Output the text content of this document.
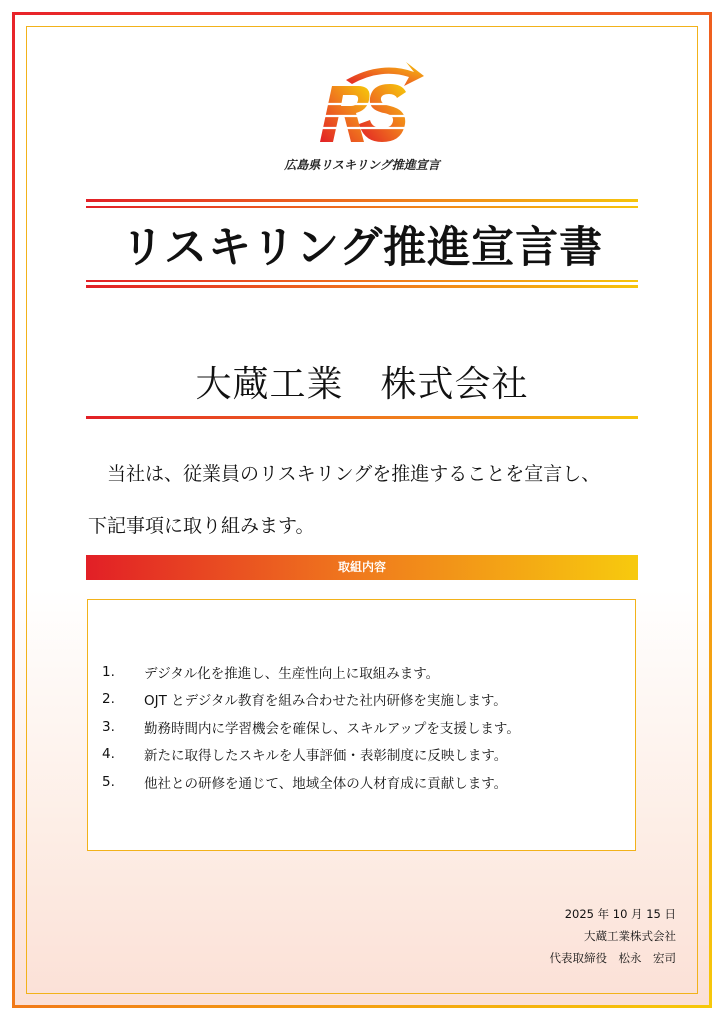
広島県リスキリング推進宣言
リスキリング推進宣言書
大蔵工業　株式会社

　当社は、従業員のリスキリングを推進することを宣言し、

下記事項に取り組みます。

取組内容
1.	デジタル化を推進し、生産性向上に取組みます。
2.	OJT とデジタル教育を組み合わせた社内研修を実施します。
3.	勤務時間内に学習機会を確保し、スキルアップを支援します。
4.	新たに取得したスキルを人事評価・表彰制度に反映します。
5.	他社との研修を通じて、地域全体の人材育成に貢献します。
2025 年 10 月 15 日
大蔵工業株式会社
代表取締役　松永　宏司
